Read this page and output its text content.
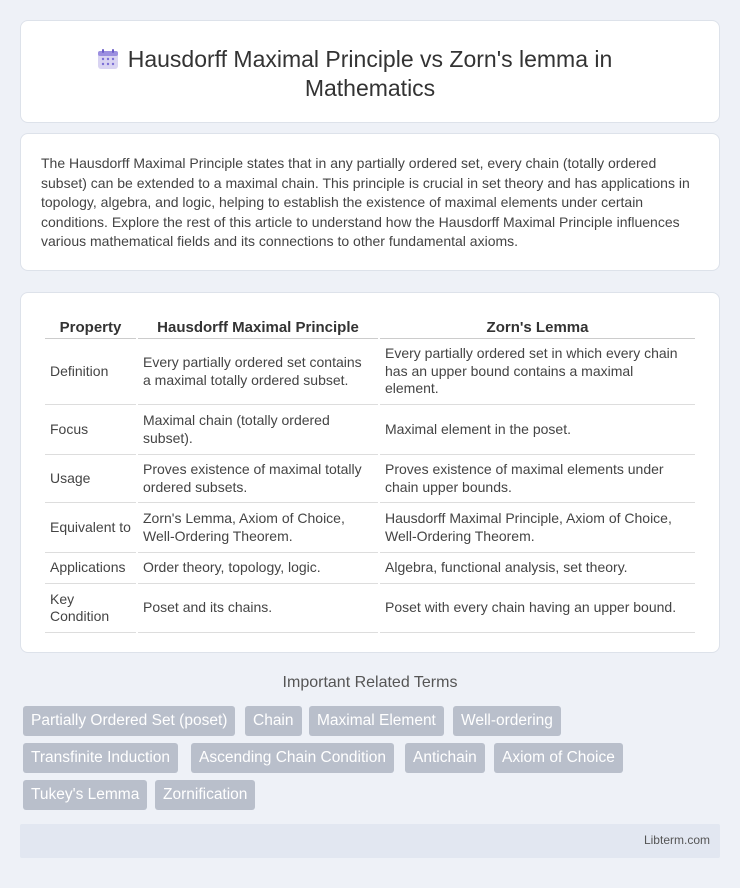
Hausdorff Maximal Principle vs Zorn's lemma in Mathematics

The Hausdorff Maximal Principle states that in any partially ordered set, every chain (totally ordered subset) can be extended to a maximal chain. This principle is crucial in set theory and has applications in topology, algebra, and logic, helping to establish the existence of maximal elements under certain conditions. Explore the rest of this article to understand how the Hausdorff Maximal Principle influences various mathematical fields and its connections to other fundamental axioms.

Property	Hausdorff Maximal Principle	Zorn's Lemma
Definition	Every partially ordered set contains a maximal totally ordered subset.	Every partially ordered set in which every chain has an upper bound contains a maximal element.
Focus	Maximal chain (totally ordered subset).	Maximal element in the poset.
Usage	Proves existence of maximal totally ordered subsets.	Proves existence of maximal elements under chain upper bounds.
Equivalent to	Zorn's Lemma, Axiom of Choice, Well-Ordering Theorem.	Hausdorff Maximal Principle, Axiom of Choice, Well-Ordering Theorem.
Applications	Order theory, topology, logic.	Algebra, functional analysis, set theory.
Key Condition	Poset and its chains.	Poset with every chain having an upper bound.
Important Related Terms
Partially Ordered Set (poset)	Chain	Maximal Element	Well-ordering
Transfinite Induction	Ascending Chain Condition	Antichain	Axiom of Choice
Tukey's Lemma	Zornification
Libterm.com
